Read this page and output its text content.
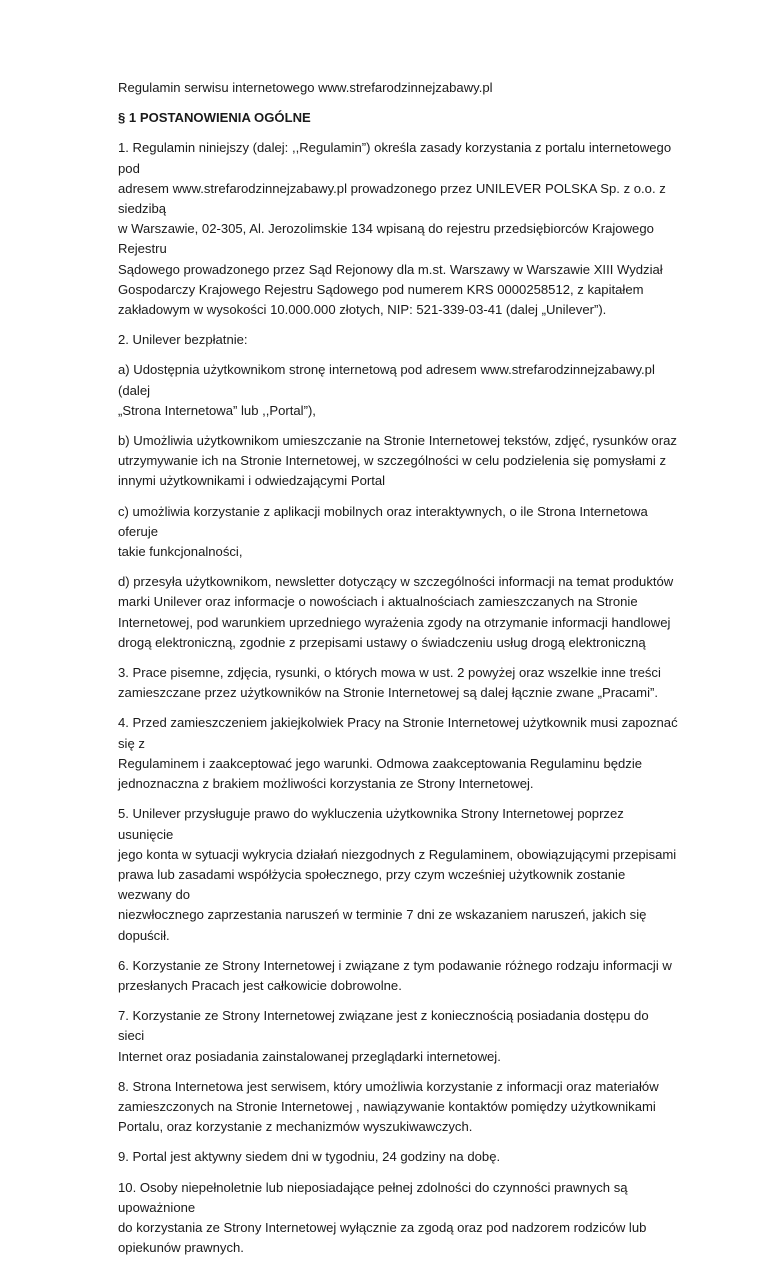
Regulamin serwisu internetowego www.strefarodzinnejzabawy.pl

§ 1 POSTANOWIENIA OGÓLNE

1. Regulamin niniejszy (dalej: ,,Regulamin”) określa zasady korzystania z portalu internetowego pod
adresem www.strefarodzinnejzabawy.pl prowadzonego przez UNILEVER POLSKA Sp. z o.o. z siedzibą
w Warszawie, 02-305, Al. Jerozolimskie 134 wpisaną do rejestru przedsiębiorców Krajowego Rejestru
Sądowego prowadzonego przez Sąd Rejonowy dla m.st. Warszawy w Warszawie XIII Wydział
Gospodarczy Krajowego Rejestru Sądowego pod numerem KRS 0000258512, z kapitałem
zakładowym w wysokości 10.000.000 złotych, NIP: 521-339-03-41 (dalej „Unilever”).

2. Unilever bezpłatnie:

a) Udostępnia użytkownikom stronę internetową pod adresem www.strefarodzinnejzabawy.pl (dalej
„Strona Internetowa” lub ,,Portal”),

b) Umożliwia użytkownikom umieszczanie na Stronie Internetowej tekstów, zdjęć, rysunków oraz
utrzymywanie ich na Stronie Internetowej, w szczególności w celu podzielenia się pomysłami z
innymi użytkownikami i odwiedzającymi Portal

c) umożliwia korzystanie z aplikacji mobilnych oraz interaktywnych, o ile Strona Internetowa oferuje
takie funkcjonalności,

d) przesyła użytkownikom, newsletter dotyczący w szczególności informacji na temat produktów
marki Unilever oraz informacje o nowościach i aktualnościach zamieszczanych na Stronie
Internetowej, pod warunkiem uprzedniego wyrażenia zgody na otrzymanie informacji handlowej
drogą elektroniczną, zgodnie z przepisami ustawy o świadczeniu usług drogą elektroniczną

3. Prace pisemne, zdjęcia, rysunki, o których mowa w ust. 2 powyżej oraz wszelkie inne treści
zamieszczane przez użytkowników na Stronie Internetowej są dalej łącznie zwane „Pracami”.

4. Przed zamieszczeniem jakiejkolwiek Pracy na Stronie Internetowej użytkownik musi zapoznać się z
Regulaminem i zaakceptować jego warunki. Odmowa zaakceptowania Regulaminu będzie
jednoznaczna z brakiem możliwości korzystania ze Strony Internetowej.

5. Unilever przysługuje prawo do wykluczenia użytkownika Strony Internetowej poprzez usunięcie
jego konta w sytuacji wykrycia działań niezgodnych z Regulaminem, obowiązującymi przepisami
prawa lub zasadami współżycia społecznego, przy czym wcześniej użytkownik zostanie wezwany do
niezwłocznego zaprzestania naruszeń w terminie 7 dni ze wskazaniem naruszeń, jakich się dopuścił.

6. Korzystanie ze Strony Internetowej i związane z tym podawanie różnego rodzaju informacji w
przesłanych Pracach jest całkowicie dobrowolne.

7. Korzystanie ze Strony Internetowej związane jest z koniecznością posiadania dostępu do sieci
Internet oraz posiadania zainstalowanej przeglądarki internetowej.

8. Strona Internetowa jest serwisem, który umożliwia korzystanie z informacji oraz materiałów
zamieszczonych na Stronie Internetowej , nawiązywanie kontaktów pomiędzy użytkownikami
Portalu, oraz korzystanie z mechanizmów wyszukiwawczych.

9. Portal jest aktywny siedem dni w tygodniu, 24 godziny na dobę.

10. Osoby niepełnoletnie lub nieposiadające pełnej zdolności do czynności prawnych są upoważnione
do korzystania ze Strony Internetowej wyłącznie za zgodą oraz pod nadzorem rodziców lub
opiekunów prawnych.
